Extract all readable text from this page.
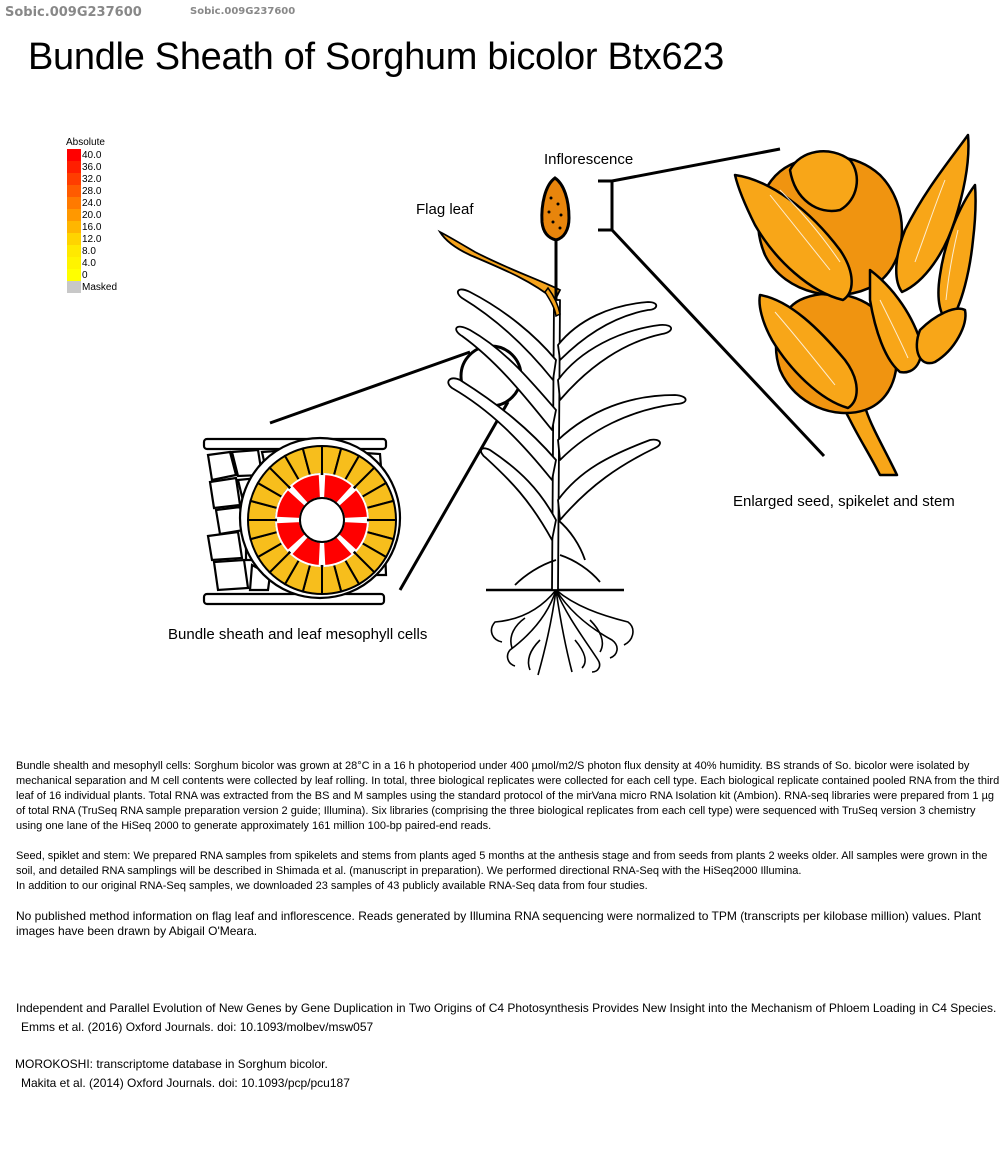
Sobic.009G237600	Sobic.009G237600
Bundle Sheath of Sorghum bicolor Btx623
Absolute
40.0
36.0
32.0
28.0
24.0
20.0
16.0
12.0
8.0
4.0
0
Masked
Inflorescence
Flag leaf
Enlarged seed, spikelet and stem
Bundle sheath and leaf mesophyll cells

Bundle shealth and mesophyll cells: Sorghum bicolor was grown at 28°C in a 16 h photoperiod under 400 µmol/m2/S photon flux density at 40% humidity. BS strands of So. bicolor were isolated by mechanical separation and M cell contents were collected by leaf rolling. In total, three biological replicates were collected for each cell type. Each biological replicate contained pooled RNA from the third leaf of 16 individual plants. Total RNA was extracted from the BS and M samples using the standard protocol of the mirVana micro RNA Isolation kit (Ambion). RNA-seq libraries were prepared from 1 µg of total RNA (TruSeq RNA sample preparation version 2 guide; Illumina). Six libraries (comprising the three biological replicates from each cell type) were sequenced with TruSeq version 3 chemistry using one lane of the HiSeq 2000 to generate approximately 161 million 100-bp paired-end reads.

Seed, spiklet and stem: We prepared RNA samples from spikelets and stems from plants aged 5 months at the anthesis stage and from seeds from plants 2 weeks older. All samples were grown in the soil, and detailed RNA samplings will be described in Shimada et al. (manuscript in preparation). We performed directional RNA-Seq with the HiSeq2000 Illumina.
In addition to our original RNA-Seq samples, we downloaded 23 samples of 43 publicly available RNA-Seq data from four studies.

No published method information on flag leaf and inflorescence. Reads generated by Illumina RNA sequencing were normalized to TPM (transcripts per kilobase million) values. Plant images have been drawn by Abigail O'Meara.

Independent and Parallel Evolution of New Genes by Gene Duplication in Two Origins of C4 Photosynthesis Provides New Insight into the Mechanism of Phloem Loading in C4 Species.

Emms et al. (2016) Oxford Journals. doi: 10.1093/molbev/msw057

MOROKOSHI: transcriptome database in Sorghum bicolor.

Makita et al. (2014) Oxford Journals. doi: 10.1093/pcp/pcu187
